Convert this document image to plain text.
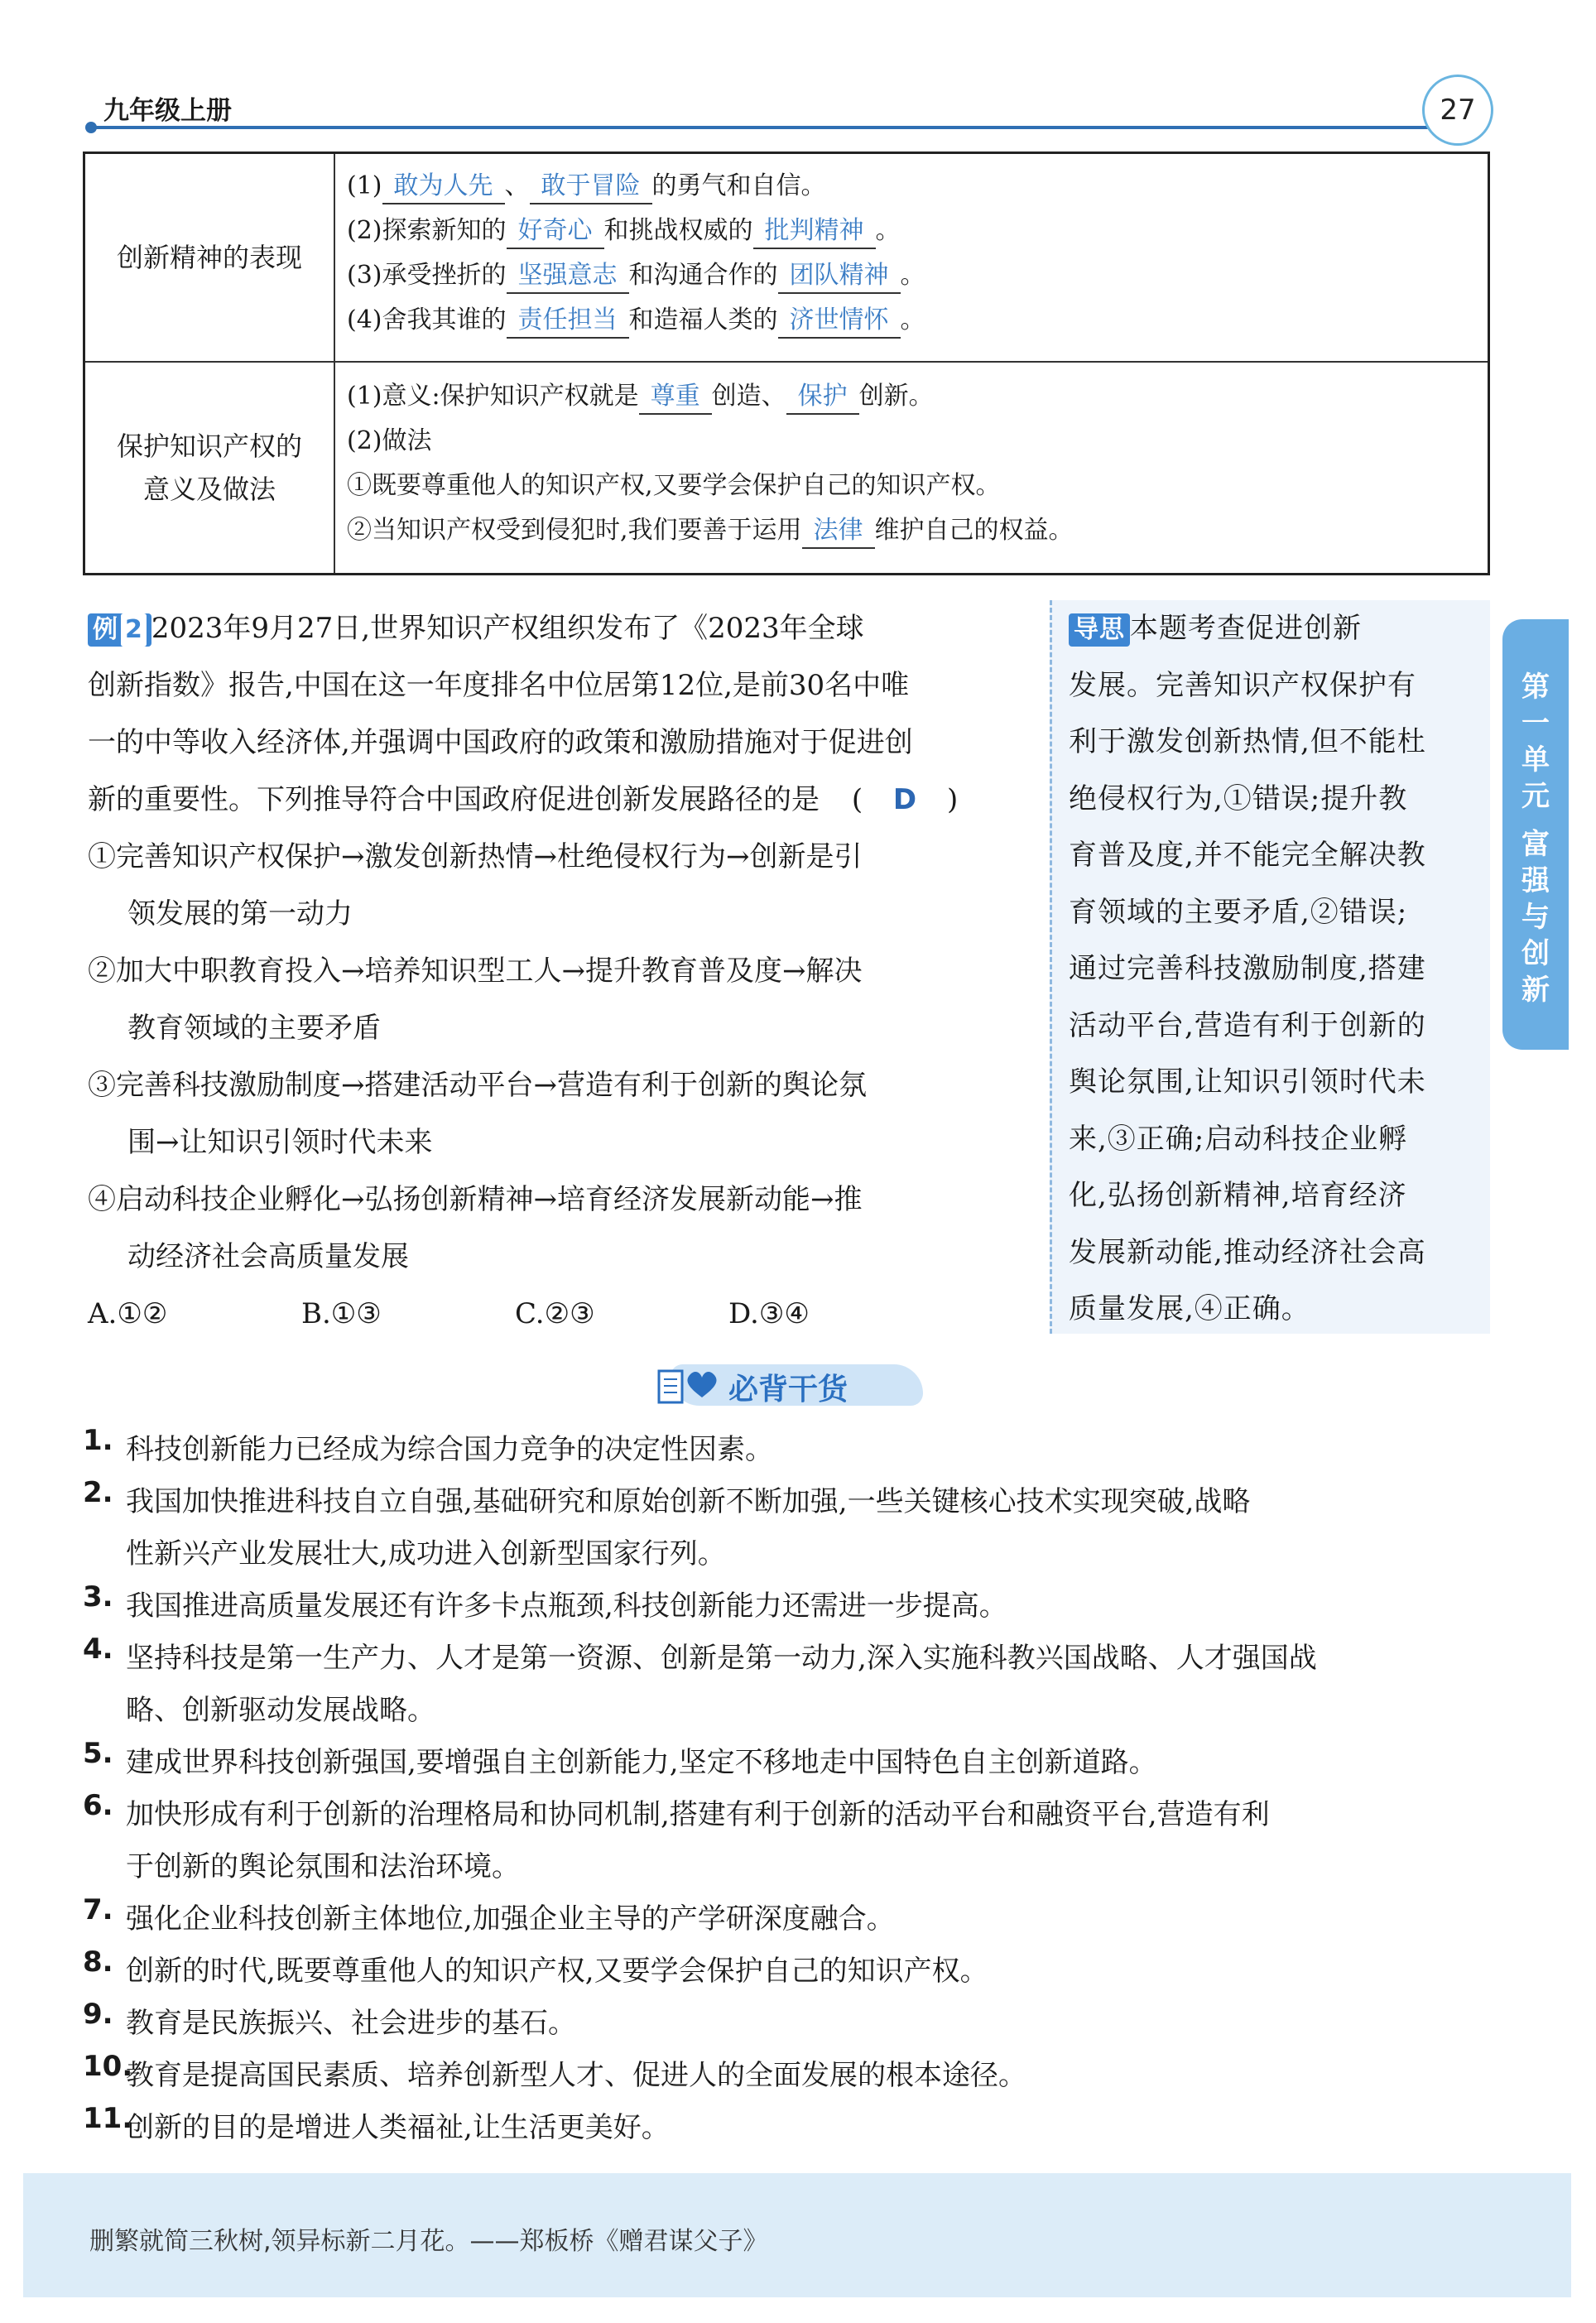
九年级上册	27
创新精神的表现
(1) 敢为人先 、 敢于冒险 的勇气和自信。
(2)探索新知的 好奇心 和挑战权威的 批判精神 。
(3)承受挫折的 坚强意志 和沟通合作的 团队精神 。
(4)舍我其谁的 责任担当 和造福人类的 济世情怀 。
保护知识产权的
意义及做法
(1)意义:保护知识产权就是 尊重 创造、 保护 创新。
(2)做法
①既要尊重他人的知识产权,又要学会保护自己的知识产权。
②当知识产权受到侵犯时,我们要善于运用 法律 维护自己的权益。
例 2 2023年9月27日,世界知识产权组织发布了《2023年全球
创新指数》报告,中国在这一年度排名中位居第12位,是前30名中唯
一的中等收入经济体,并强调中国政府的政策和激励措施对于促进创
新的重要性。下列推导符合中国政府促进创新发展路径的是 ( D )
①完善知识产权保护→激发创新热情→杜绝侵权行为→创新是引
领发展的第一动力
②加大中职教育投入→培养知识型工人→提升教育普及度→解决
教育领域的主要矛盾
③完善科技激励制度→搭建活动平台→营造有利于创新的舆论氛
围→让知识引领时代未来
④启动科技企业孵化→弘扬创新精神→培育经济发展新动能→推
动经济社会高质量发展
A.①②	B.①③	C.②③	D.③④
导思 本题考查促进创新
发展。完善知识产权保护有
利于激发创新热情,但不能杜
绝侵权行为,①错误;提升教
育普及度,并不能完全解决教
育领域的主要矛盾,②错误;
通过完善科技激励制度,搭建
活动平台,营造有利于创新的
舆论氛围,让知识引领时代未
来,③正确;启动科技企业孵
化,弘扬创新精神,培育经济
发展新动能,推动经济社会高
质量发展,④正确。
第
一
单
元
富
强
与
创
新
必背干货
1. 科技创新能力已经成为综合国力竞争的决定性因素。
2. 我国加快推进科技自立自强,基础研究和原始创新不断加强,一些关键核心技术实现突破,战略
性新兴产业发展壮大,成功进入创新型国家行列。
3. 我国推进高质量发展还有许多卡点瓶颈,科技创新能力还需进一步提高。
4. 坚持科技是第一生产力、人才是第一资源、创新是第一动力,深入实施科教兴国战略、人才强国战
略、创新驱动发展战略。
5. 建成世界科技创新强国,要增强自主创新能力,坚定不移地走中国特色自主创新道路。
6. 加快形成有利于创新的治理格局和协同机制,搭建有利于创新的活动平台和融资平台,营造有利
于创新的舆论氛围和法治环境。
7. 强化企业科技创新主体地位,加强企业主导的产学研深度融合。
8. 创新的时代,既要尊重他人的知识产权,又要学会保护自己的知识产权。
9. 教育是民族振兴、社会进步的基石。
10.
教育是提高国民素质、培养创新型人才、促进人的全面发展的根本途径。
11.
创新的目的是增进人类福祉,让生活更美好。
删繁就简三秋树,领异标新二月花。——郑板桥《赠君谋父子》
